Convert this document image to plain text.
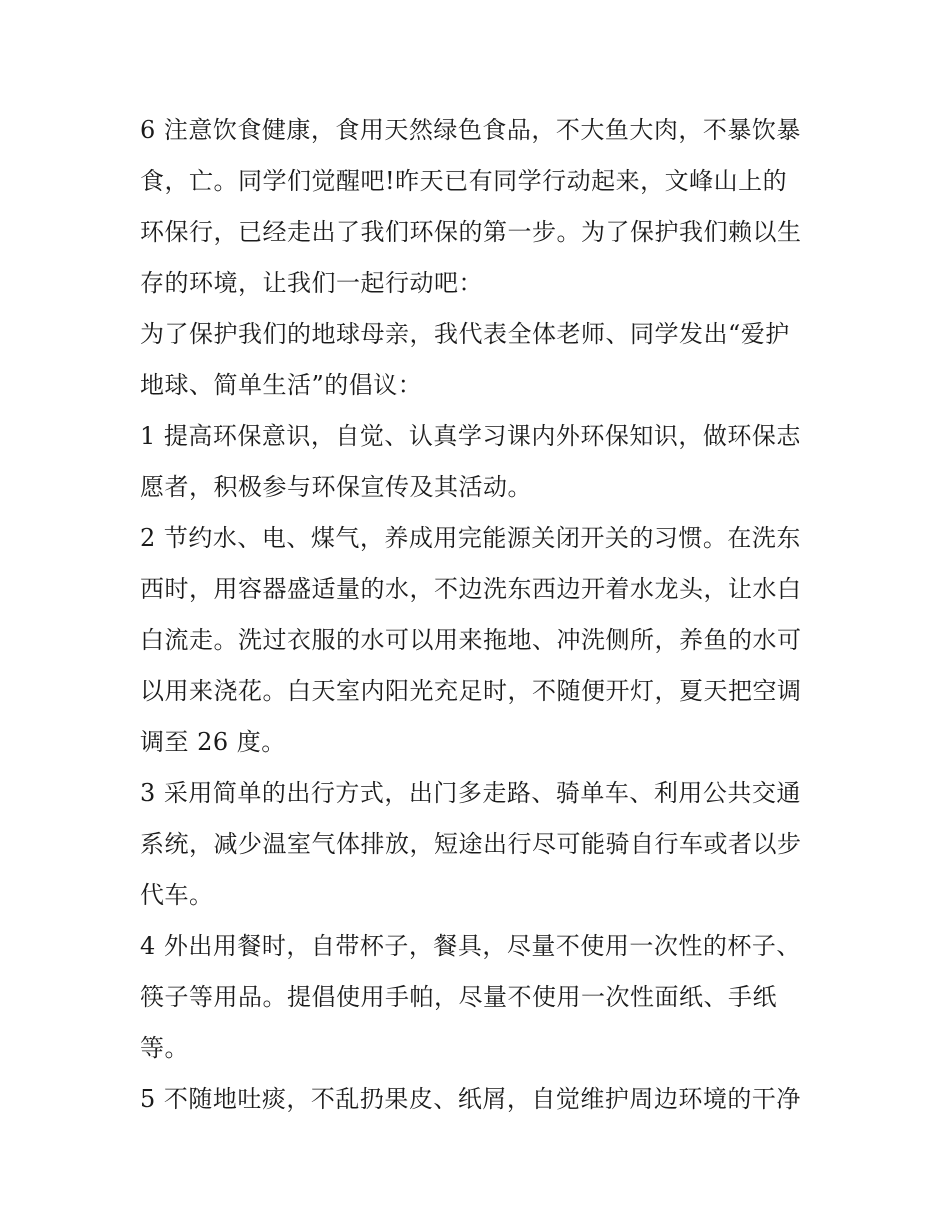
6 注意饮食健康，食用天然绿色食品，不大鱼大肉，不暴饮暴
食，亡。同学们觉醒吧!昨天已有同学行动起来，文峰山上的
环保行，已经走出了我们环保的第一步。为了保护我们赖以生
存的环境，让我们一起行动吧：
为了保护我们的地球母亲，我代表全体老师、同学发出“爱护
地球、简单生活”的倡议：
1 提高环保意识，自觉、认真学习课内外环保知识，做环保志
愿者，积极参与环保宣传及其活动。
2 节约水、电、煤气，养成用完能源关闭开关的习惯。在洗东
西时，用容器盛适量的水，不边洗东西边开着水龙头，让水白
白流走。洗过衣服的水可以用来拖地、冲洗侧所，养鱼的水可
以用来浇花。白天室内阳光充足时，不随便开灯，夏天把空调
调至 26 度。
3 采用简单的出行方式，出门多走路、骑单车、利用公共交通
系统，减少温室气体排放，短途出行尽可能骑自行车或者以步
代车。
4 外出用餐时，自带杯子，餐具，尽量不使用一次性的杯子、
筷子等用品。提倡使用手帕，尽量不使用一次性面纸、手纸
等。
5 不随地吐痰，不乱扔果皮、纸屑，自觉维护周边环境的干净
